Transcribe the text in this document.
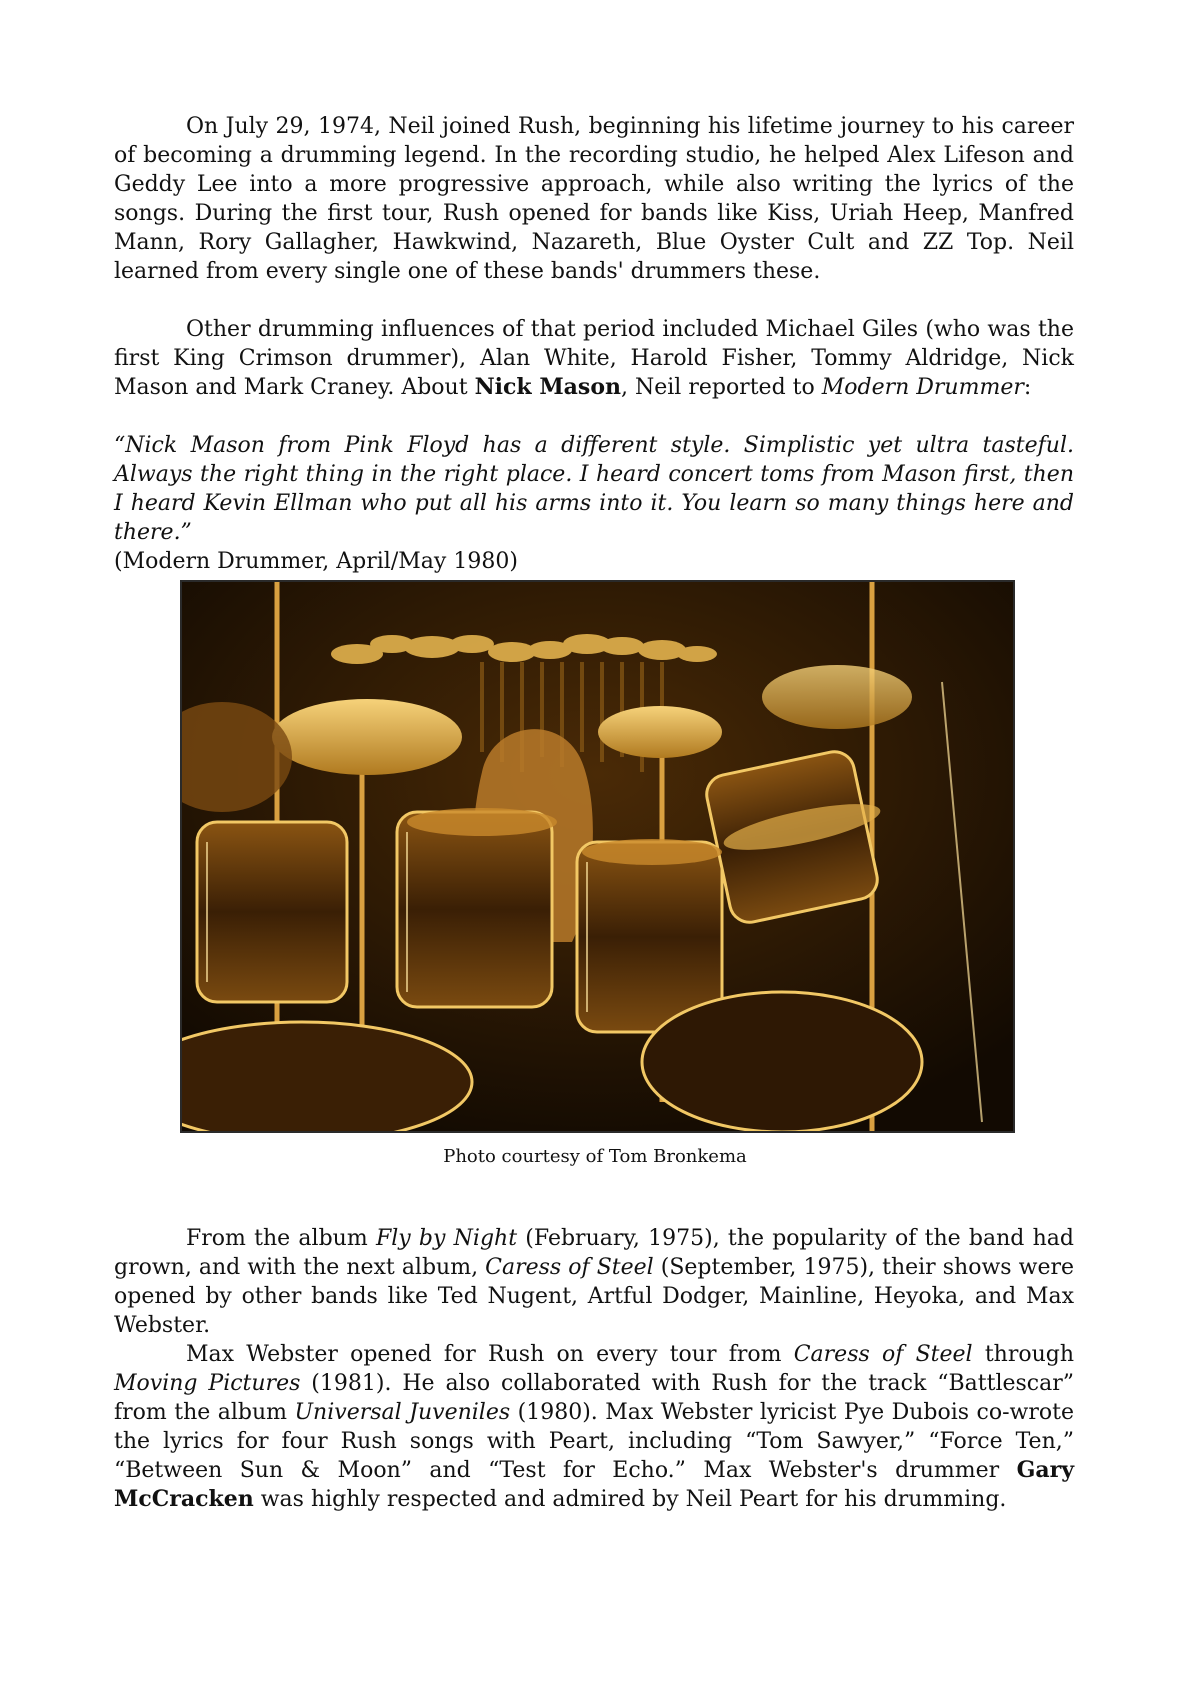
On July 29, 1974, Neil joined Rush, beginning his lifetime journey to his career of becoming a drumming legend. In the recording studio, he helped Alex Lifeson and Geddy Lee into a more progressive approach, while also writing the lyrics of the songs. During the first tour, Rush opened for bands like Kiss, Uriah Heep, Manfred Mann, Rory Gallagher, Hawkwind, Nazareth, Blue Oyster Cult and ZZ Top. Neil learned from every single one of these bands' drummers these.

Other drumming influences of that period included Michael Giles (who was the first King Crimson drummer), Alan White, Harold Fisher, Tommy Aldridge, Nick Mason and Mark Craney. About Nick Mason, Neil reported to Modern Drummer:

“Nick Mason from Pink Floyd has a different style. Simplistic yet ultra tasteful. Always the right thing in the right place. I heard concert toms from Mason first, then I heard Kevin Ellman who put all his arms into it. You learn so many things here and there.”

(Modern Drummer, April/May 1980)

Photo courtesy of Tom Bronkema

From the album Fly by Night (February, 1975), the popularity of the band had grown, and with the next album, Caress of Steel (September, 1975), their shows were opened by other bands like Ted Nugent, Artful Dodger, Mainline, Heyoka, and Max Webster.

Max Webster opened for Rush on every tour from Caress of Steel through Moving Pictures (1981). He also collaborated with Rush for the track “Battlescar” from the album Universal Juveniles (1980). Max Webster lyricist Pye Dubois co-wrote the lyrics for four Rush songs with Peart, including “Tom Sawyer,” “Force Ten,” “Between Sun & Moon” and “Test for Echo.” Max Webster's drummer Gary McCracken was highly respected and admired by Neil Peart for his drumming.
